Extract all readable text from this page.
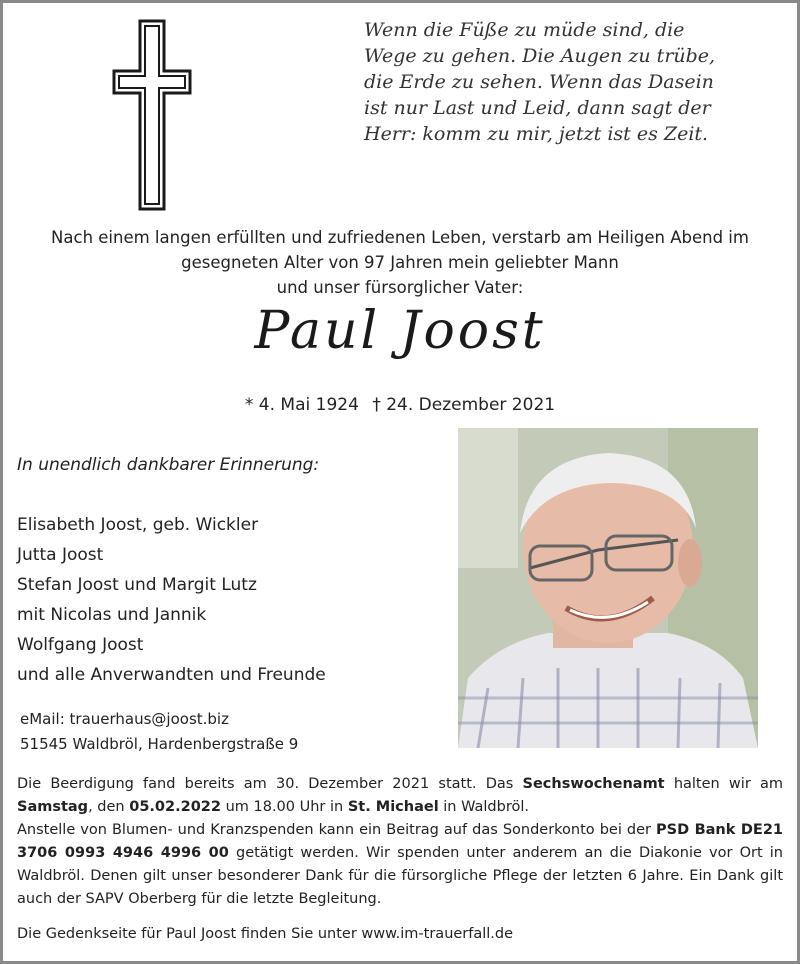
Wenn die Füße zu müde sind, die
Wege zu gehen. Die Augen zu trübe,
die Erde zu sehen. Wenn das Dasein
ist nur Last und Leid, dann sagt der
Herr: komm zu mir, jetzt ist es Zeit.
Nach einem langen erfüllten und zufriedenen Leben, verstarb am Heiligen Abend im
gesegneten Alter von 97 Jahren mein geliebter Mann
und unser fürsorglicher Vater:
Paul Joost
* 4. Mai 1924 † 24. Dezember 2021
In unendlich dankbarer Erinnerung:
Elisabeth Joost, geb. Wickler
Jutta Joost
Stefan Joost und Margit Lutz
mit Nicolas und Jannik
Wolfgang Joost
und alle Anverwandten und Freunde
eMail: trauerhaus@joost.biz
51545 Waldbröl, Hardenbergstraße 9

Die Beerdigung fand bereits am 30. Dezember 2021 statt. Das Sechswochenamt halten wir am Samstag, den 05.02.2022 um 18.00 Uhr in St. Michael in Waldbröl.

Anstelle von Blumen- und Kranzspenden kann ein Beitrag auf das Sonderkonto bei der PSD Bank DE21 3706 0993 4946 4996 00 getätigt werden. Wir spenden unter anderem an die Diakonie vor Ort in Waldbröl. Denen gilt unser besonderer Dank für die fürsorgliche Pflege der letzten 6 Jahre. Ein Dank gilt auch der SAPV Oberberg für die letzte Begleitung.

Die Gedenkseite für Paul Joost finden Sie unter www.im-trauerfall.de
